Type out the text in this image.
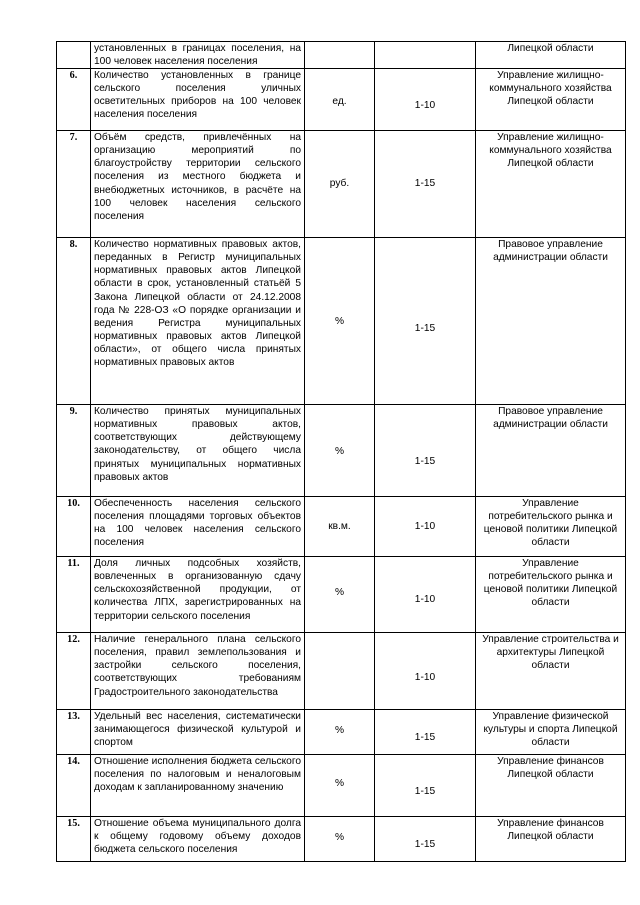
	установленных в границах поселения, на 100 человек населения поселения			Липецкой области
6.	Количество установленных в границе сельского поселения уличных осветительных приборов на 100 человек населения поселения	ед.	1-10	Управление жилищно-коммунального хозяйства Липецкой области
7.	Объём средств, привлечённых на организацию мероприятий по благоустройству территории сельского поселения из местного бюджета и внебюджетных источников, в расчёте на 100 человек населения сельского поселения	руб.	1-15	Управление жилищно-коммунального хозяйства Липецкой области
8.	Количество нормативных правовых актов, переданных в Регистр муниципальных нормативных правовых актов Липецкой области в срок, установленный статьёй 5 Закона Липецкой области от 24.12.2008 года № 228-ОЗ «О порядке организации и ведения Регистра муниципальных нормативных правовых актов Липецкой области», от общего числа принятых нормативных правовых актов	%	1-15	Правовое управление администрации области
9.	Количество принятых муниципальных нормативных правовых актов, соответствующих действующему законодательству, от общего числа принятых муниципальных нормативных правовых актов	%	1-15	Правовое управление администрации области
10.	Обеспеченность населения сельского поселения площадями торговых объектов на 100 человек населения сельского поселения	кв.м.	1-10	Управление потребительского рынка и ценовой политики Липецкой области
11.	Доля личных подсобных хозяйств, вовлеченных в организованную сдачу сельскохозяйственной продукции, от количества ЛПХ, зарегистрированных на территории сельского поселения	%	1-10	Управление потребительского рынка и ценовой политики Липецкой области
12.	Наличие генерального плана сельского поселения, правил землепользования и застройки сельского поселения, соответствующих требованиям Градостроительного законодательства		1-10	Управление строительства и архитектуры Липецкой области
13.	Удельный вес населения, систематически занимающегося физической культурой и спортом	%	1-15	Управление физической культуры и спорта Липецкой области
14.	Отношение исполнения бюджета сельского поселения по налоговым и неналоговым доходам к запланированному значению	%	1-15	Управление финансов Липецкой области
15.	Отношение объема муниципального долга к общему годовому объему доходов бюджета сельского поселения	%	1-15	Управление финансов Липецкой области
